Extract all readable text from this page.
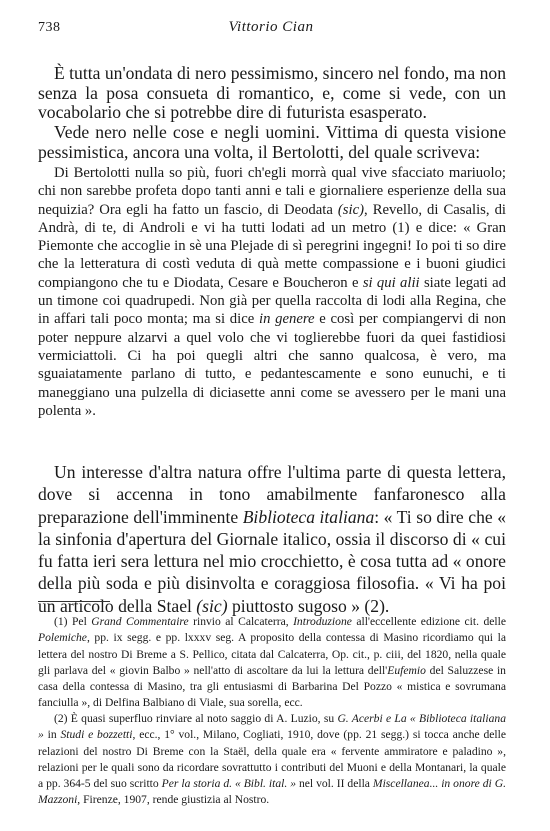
738	Vittorio Cian

È tutta un'ondata di nero pessimismo, sincero nel fondo, ma non senza la posa consueta di romantico, e, come si vede, con un vocabolario che si potrebbe dire di futurista esasperato.

Vede nero nelle cose e negli uomini. Vittima di questa visione pessimistica, ancora una volta, il Bertolotti, del quale scriveva:

Di Bertolotti nulla so più, fuori ch'egli morrà qual vive sfacciato mariuolo; chi non sarebbe profeta dopo tanti anni e tali e giornaliere esperienze della sua nequizia? Ora egli ha fatto un fascio, di Deodata (sic), Revello, di Casalis, di Andrà, di te, di Androli e vi ha tutti lodati ad un metro (1) e dice: « Gran Piemonte che accoglie in sè una Plejade di sì peregrini ingegni! Io poi ti so dire che la letteratura di costì veduta di quà mette compassione e i buoni giudici compiangono che tu e Diodata, Cesare e Boucheron e si qui alii siate legati ad un timone coi quadrupedi. Non già per quella raccolta di lodi alla Regina, che in affari tali poco monta; ma si dice in genere e così per compiangervi di non poter neppure alzarvi a quel volo che vi toglierebbe fuori da quei fastidiosi vermiciattoli. Ci ha poi quegli altri che sanno qualcosa, è vero, ma sguaiatamente parlano di tutto, e pedantescamente e sono eunuchi, e ti maneggiano una pulzella di diciasette anni come se avessero per le mani una polenta ».

Un interesse d'altra natura offre l'ultima parte di questa lettera, dove si accenna in tono amabilmente fanfaronesco alla preparazione dell'imminente Biblioteca italiana: « Ti so dire che « la sinfonia d'apertura del Giornale italico, ossia il discorso di « cui fu fatta ieri sera lettura nel mio crocchietto, è cosa tutta ad « onore della più soda e più disinvolta e coraggiosa filosofia. « Vi ha poi un articolo della Stael (sic) piuttosto sugoso » (2).

(1) Pel Grand Commentaire rinvio al Calcaterra, Introduzione all'eccellente edizione cit. delle Polemiche, pp. ix segg. e pp. lxxxv seg. A proposito della contessa di Masino ricordiamo qui la lettera del nostro Di Breme a S. Pellico, citata dal Calcaterra, Op. cit., p. ciii, del 1820, nella quale gli parlava del « giovin Balbo » nell'atto di ascoltare da lui la lettura dell'Eufemio del Saluzzese in casa della contessa di Masino, tra gli entusiasmi di Barbarina Del Pozzo « mistica e sovrumana fanciulla », di Delfina Balbiano di Viale, sua sorella, ecc.

(2) È quasi superfluo rinviare al noto saggio di A. Luzio, su G. Acerbi e La « Biblioteca italiana » in Studi e bozzetti, ecc., 1° vol., Milano, Cogliati, 1910, dove (pp. 21 segg.) si tocca anche delle relazioni del nostro Di Breme con la Staël, della quale era « fervente ammiratore e paladino », relazioni per le quali sono da ricordare sovrattutto i contributi del Muoni e della Montanari, la quale a pp. 364-5 del suo scritto Per la storia d. « Bibl. ital. » nel vol. II della Miscellanea... in onore di G. Mazzoni, Firenze, 1907, rende giustizia al Nostro.
